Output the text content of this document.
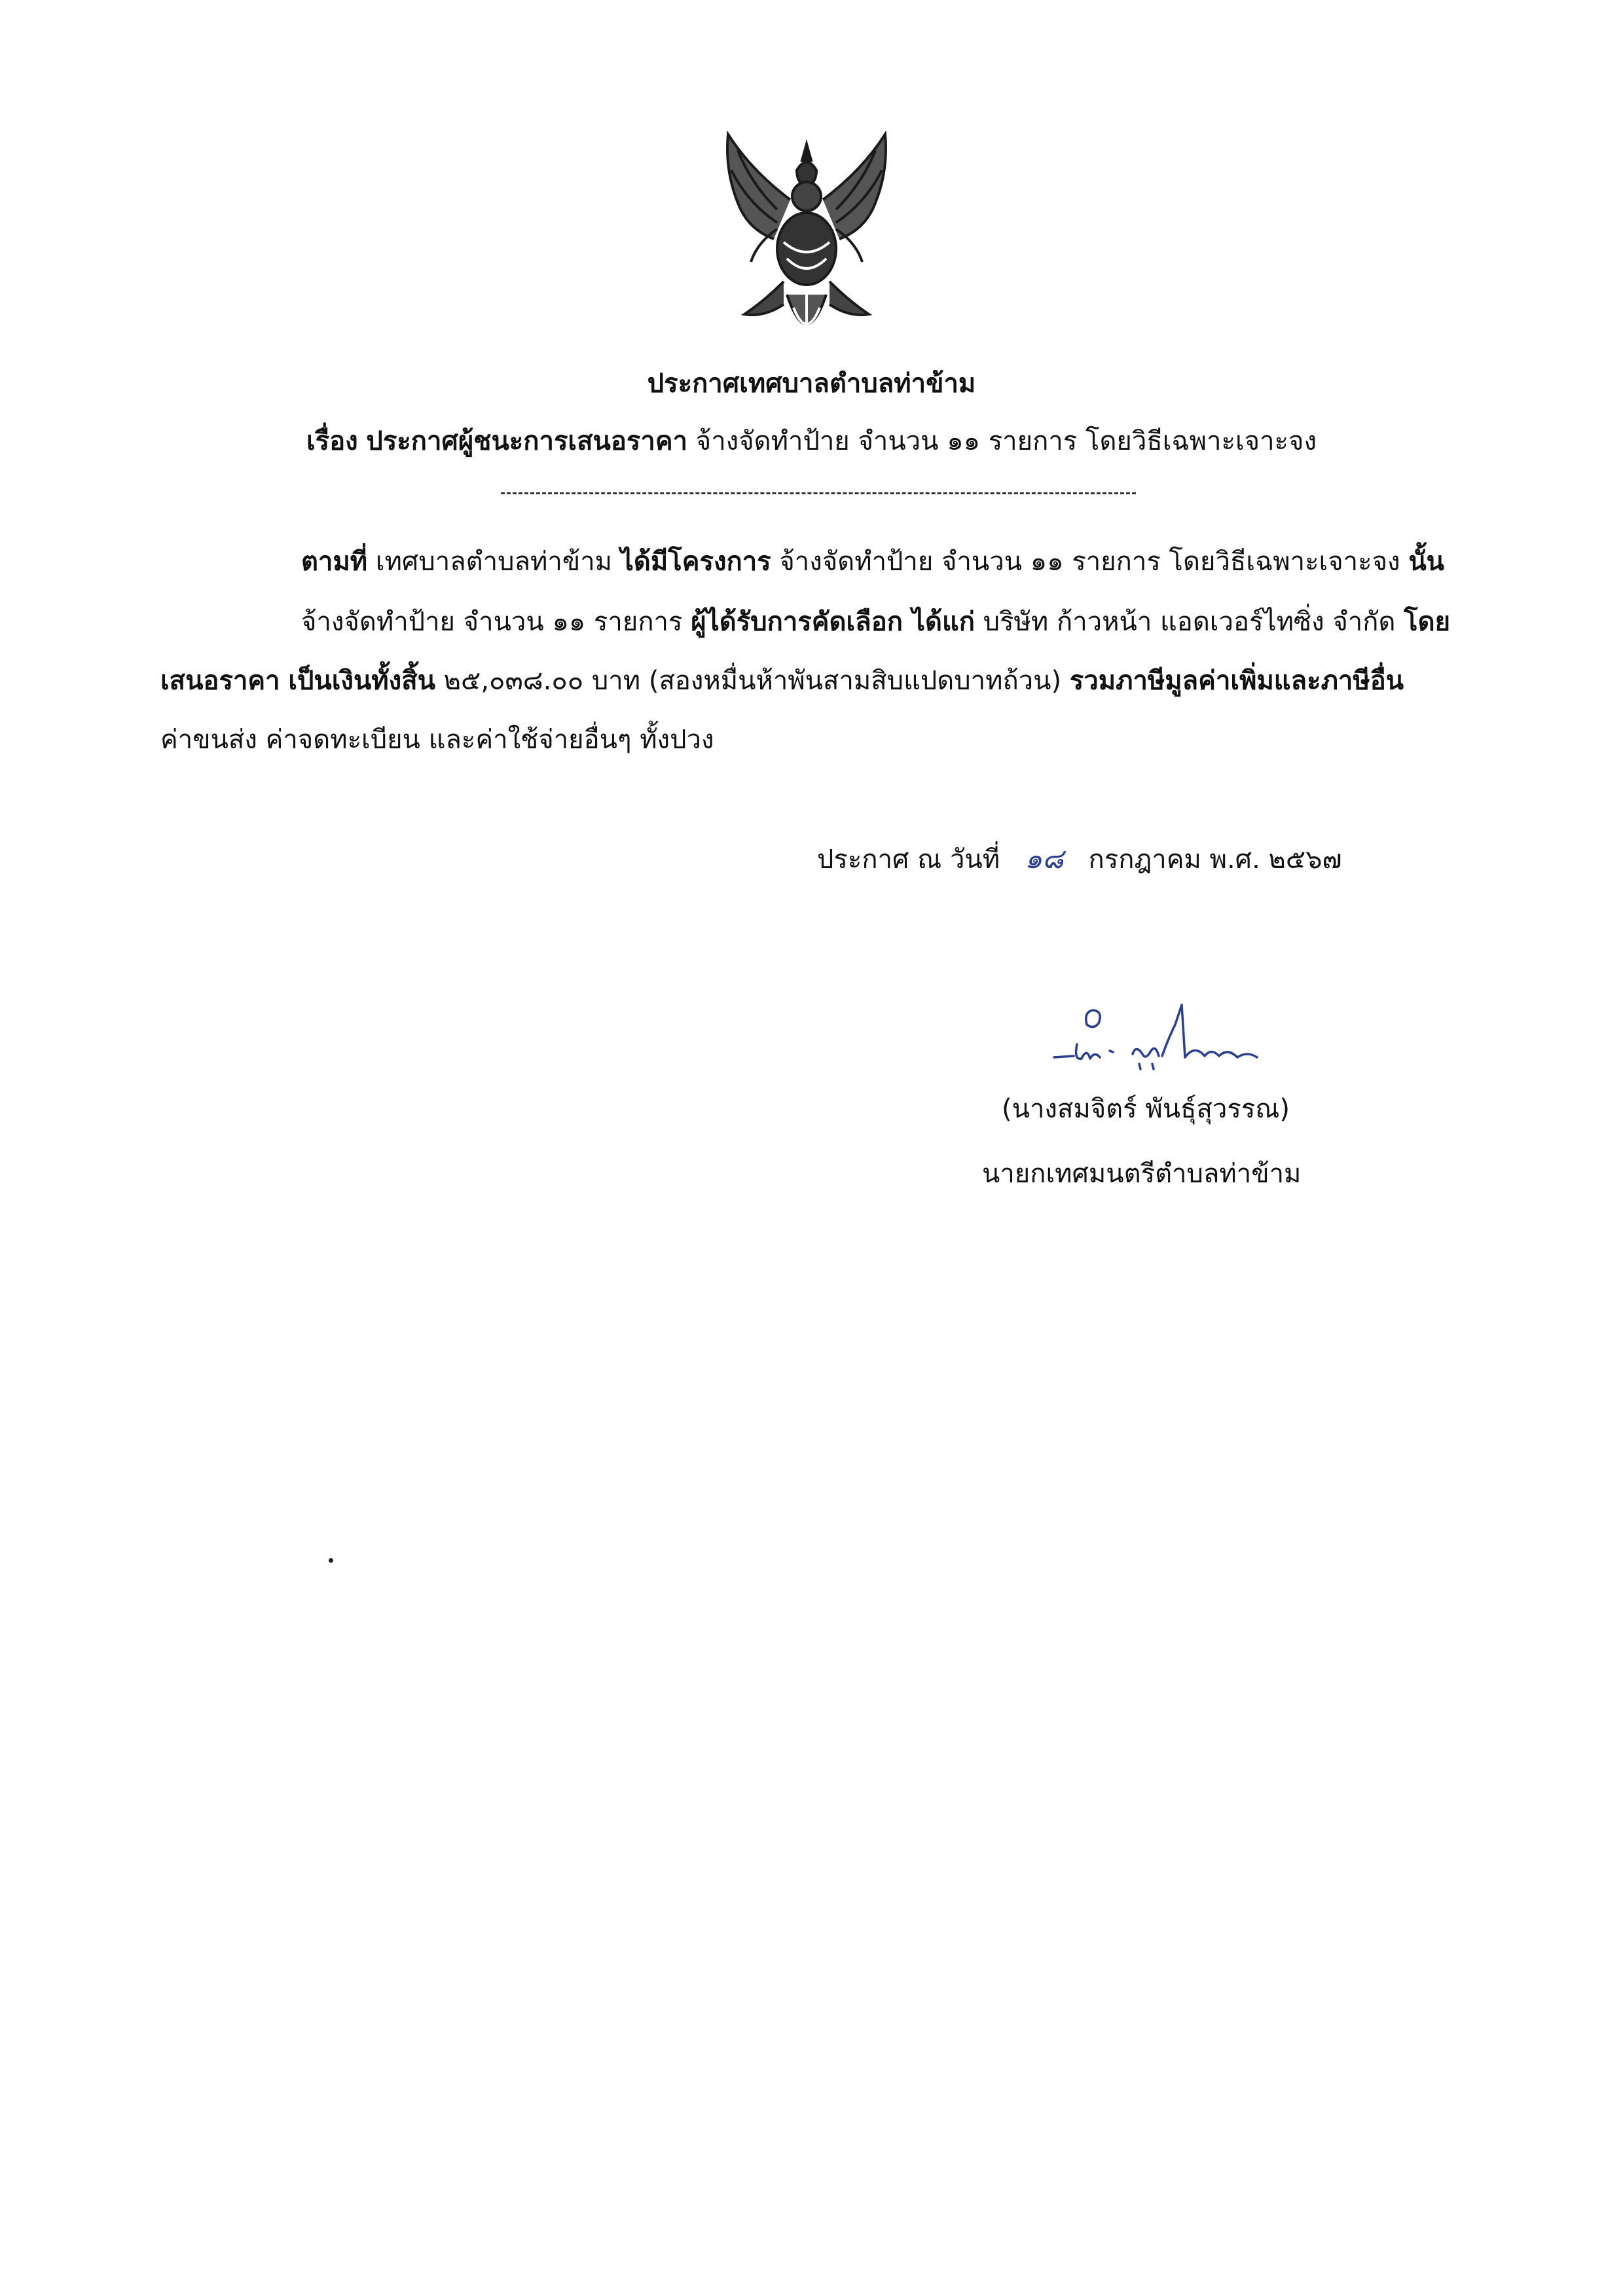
ประกาศเทศบาลตำบลท่าข้าม
เรื่อง ประกาศผู้ชนะการเสนอราคา จ้างจัดทำป้าย จำนวน ๑๑ รายการ โดยวิธีเฉพาะเจาะจง
ตามที่ เทศบาลตำบลท่าข้าม ได้มีโครงการ จ้างจัดทำป้าย จำนวน ๑๑ รายการ โดยวิธีเฉพาะเจาะจง นั้น
จ้างจัดทำป้าย จำนวน ๑๑ รายการ ผู้ได้รับการคัดเลือก ได้แก่ บริษัท ก้าวหน้า แอดเวอร์ไทซิ่ง จำกัด โดย
เสนอราคา เป็นเงินทั้งสิ้น ๒๕,๐๓๘.๐๐ บาท (สองหมื่นห้าพันสามสิบแปดบาทถ้วน) รวมภาษีมูลค่าเพิ่มและภาษีอื่น
ค่าขนส่ง ค่าจดทะเบียน และค่าใช้จ่ายอื่นๆ ทั้งปวง
ประกาศ ณ วันที่ ๑๘ กรกฎาคม พ.ศ. ๒๕๖๗
(นางสมจิตร์ พันธุ์สุวรรณ)
นายกเทศมนตรีตำบลท่าข้าม
